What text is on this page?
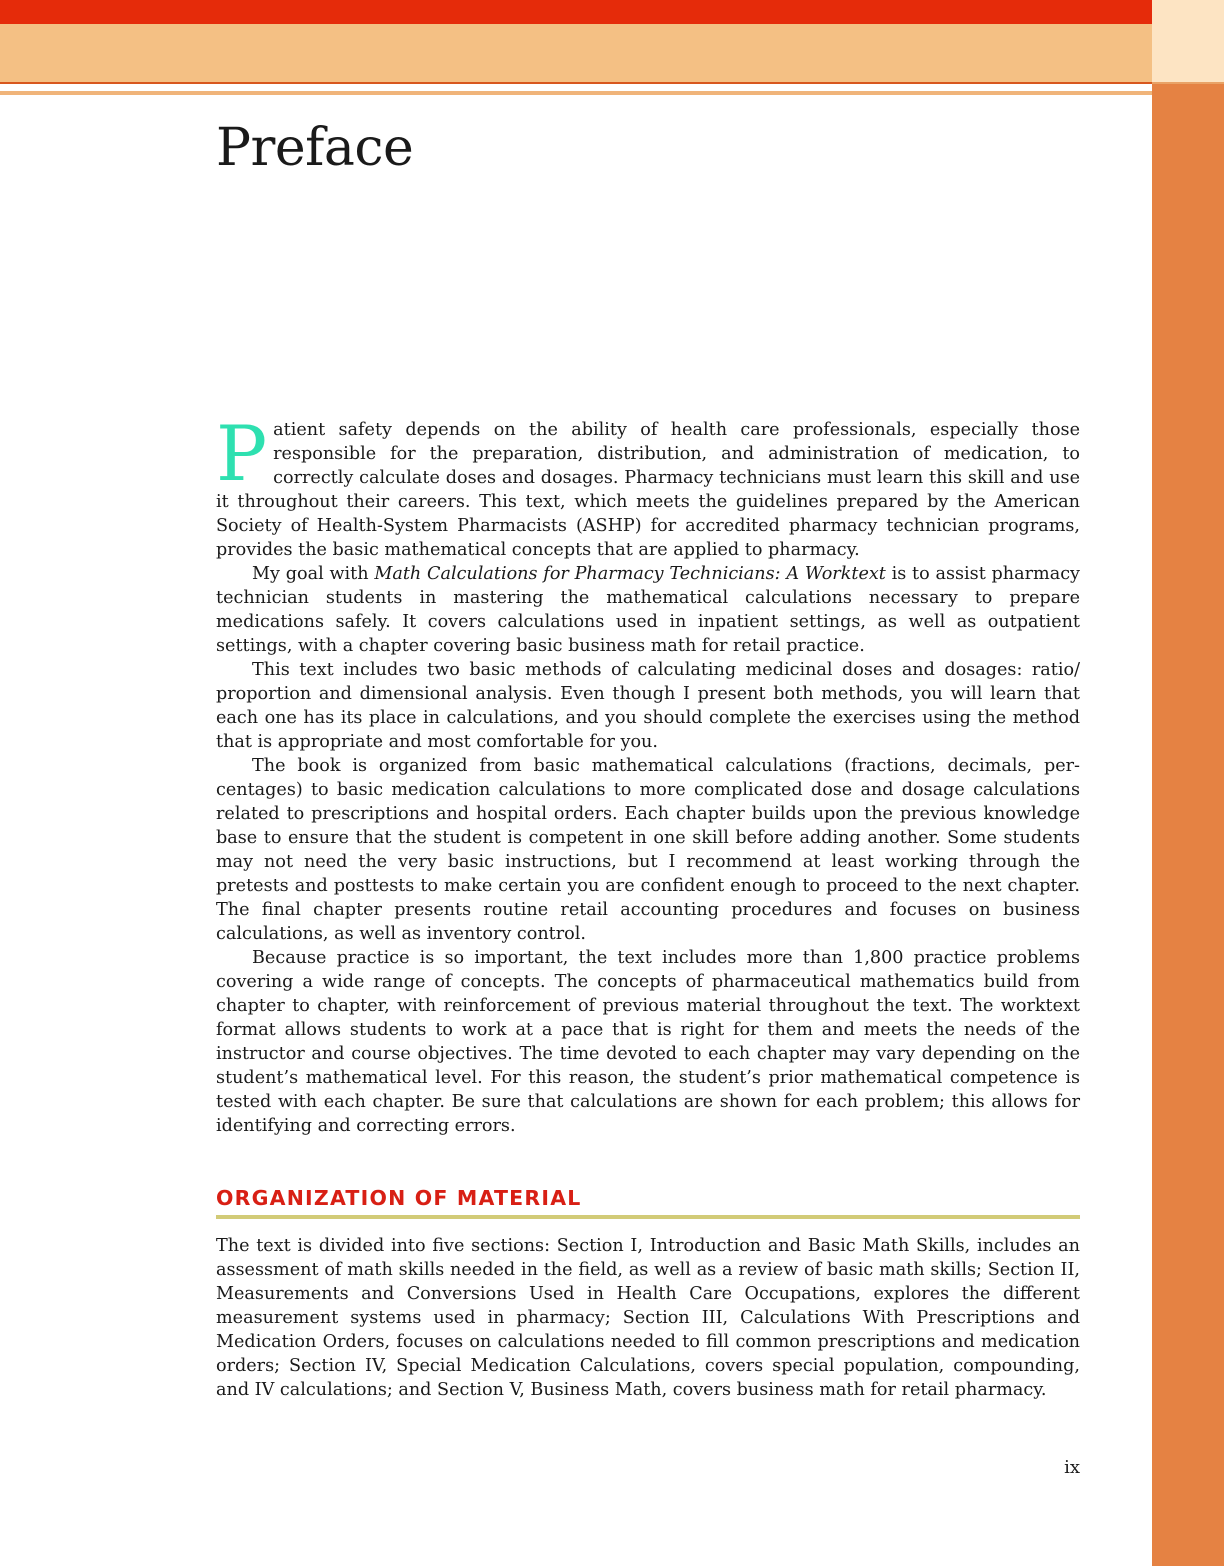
Preface

Patient safety depends on the ability of health care professionals, especially those responsible for the preparation, distribution, and administration of medication, to correctly calculate doses and dosages. Pharmacy technicians must learn this skill and use it throughout their careers. This text, which meets the guidelines prepared by the American Society of Health-System Pharmacists (ASHP) for accredited pharmacy technician programs, provides the basic mathematical concepts that are applied to pharmacy.

My goal with Math Calculations for Pharmacy Technicians: A Worktext is to assist pharmacy technician students in mastering the mathematical calculations necessary to prepare medications safely. It covers calculations used in inpatient settings, as well as outpatient settings, with a chapter covering basic business math for retail practice.

This text includes two basic methods of calculating medicinal doses and dosages: ratio/​proportion and dimensional analysis. Even though I present both methods, you will learn that each one has its place in calculations, and you should complete the exercises using the method that is appropriate and most comfortable for you.

The book is organized from basic mathematical calculations (fractions, decimals, percentages) to basic medication calculations to more complicated dose and dosage calculations related to prescriptions and hospital orders. Each chapter builds upon the previous knowledge base to ensure that the student is competent in one skill before adding another. Some students may not need the very basic instructions, but I recommend at least working through the pretests and posttests to make certain you are confident enough to proceed to the next chapter. The final chapter presents routine retail accounting procedures and focuses on business calculations, as well as inventory control.

Because practice is so important, the text includes more than 1,800 practice problems covering a wide range of concepts. The concepts of pharmaceutical mathematics build from chapter to chapter, with reinforcement of previous material throughout the text. The worktext format allows students to work at a pace that is right for them and meets the needs of the instructor and course objectives. The time devoted to each chapter may vary depending on the student’s mathematical level. For this reason, the student’s prior mathematical competence is tested with each chapter. Be sure that calculations are shown for each problem; this allows for identifying and correcting errors.

ORGANIZATION OF MATERIAL

The text is divided into five sections: Section I, Introduction and Basic Math Skills, includes an assessment of math skills needed in the field, as well as a review of basic math skills; Section II, Measurements and Conversions Used in Health Care Occupations, explores the different measurement systems used in pharmacy; Section III, Calculations With Prescriptions and Medication Orders, focuses on calculations needed to fill common prescriptions and medication orders; Section IV, Special Medication Calculations, covers special population, compounding, and IV calculations; and Section V, Business Math, covers business math for retail pharmacy.

ix
